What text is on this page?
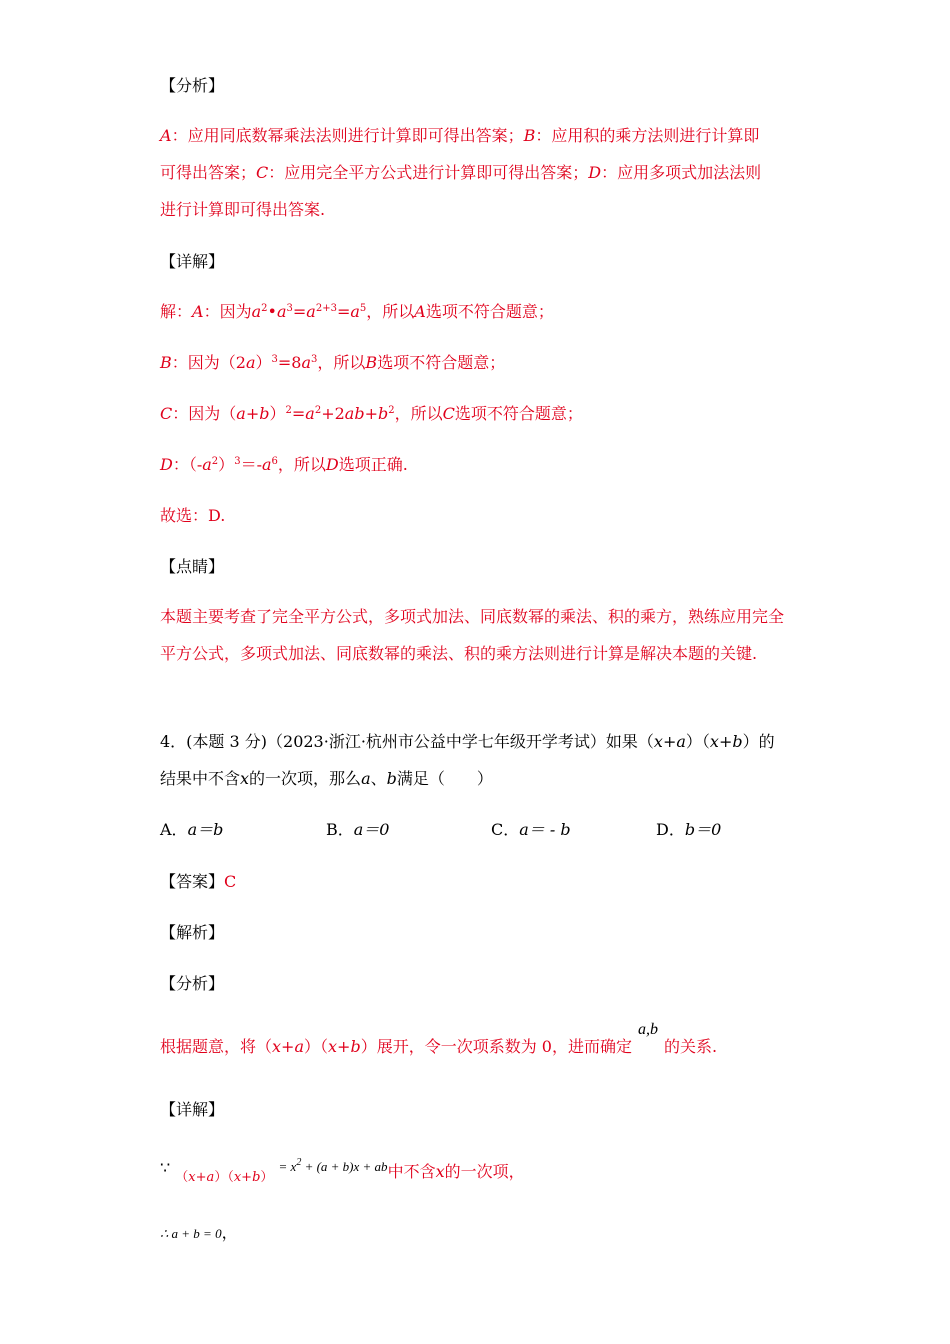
【分析】
A：应用同底数幂乘法法则进行计算即可得出答案；B：应用积的乘方法则进行计算即
可得出答案；C：应用完全平方公式进行计算即可得出答案；D：应用多项式加法法则
进行计算即可得出答案.
【详解】
解：A：因为$a^2•a^3=a^{2+3}=a^5$，所以A选项不符合题意；
B：因为$(2a)^3=8a^3$，所以B选项不符合题意；
C：因为$(a+b)^2=a^2+2ab+b^2$，所以C选项不符合题意；
D：$(-a^2)^3=-a^6$，所以D选项正确.
故选：D.
【点睛】
本题主要考查了完全平方公式，多项式加法、同底数幂的乘法、积的乘方，熟练应用完全平方公式，多项式加法、同底数幂的乘法、积的乘方法则进行计算是解决本题的关键.
4．(本题 3 分)（2023·浙江·杭州市公益中学七年级开学考试）如果（x+a）（x+b）的
结果中不含x的一次项，那么a、b满足（　　）
A．a＝b	B．a＝0	C．a＝ - b	D．b＝0
【答案】C
【解析】
【分析】
根据题意，将（x+a）（x+b）展开，令一次项系数为 0，进而确定a,b的关系.
【详解】
∵ $_{(x+a)(x+b)}$ $^{= x^2 + (a + b)x + ab}$中不含x的一次项，
∴ a + b = 0，
